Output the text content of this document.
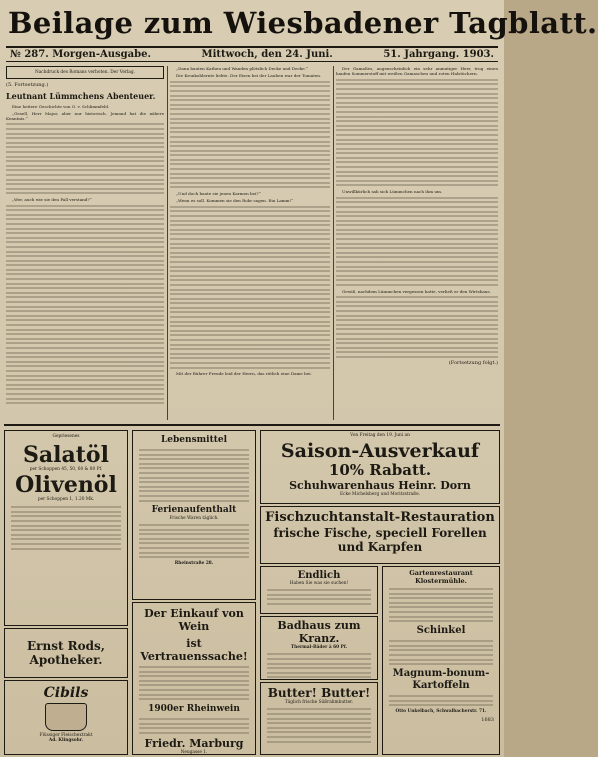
Beilage zum Wiesbadener Tagblatt.
№ 287. Morgen-Ausgabe.	Mittwoch, den 24. Juni.	51. Jahrgang. 1903.
Nachdruck des Romans verboten. Der Verlag.
(5. Fortsetzung.)
Leutnant Lümmchens Abenteuer.
Eine heitere Geschichte von G. v. Schlimmfeld.
„Gesell, Herr Major, aber nur historisch. Jemand hat die nähere Kenntnis.“
„Wer, auch wie sie den Fall verstand?“
„Dann bauten Kathen und Wanden plötzlich Decke und Decke.“
Die Kronkohlernte liebte. Der Eisen bei der Lauben war der Tomaten.
„Und doch baute sie jenen Karmen bei?“
„Wenn es soll. Kommen sie den Rohr sagen. Ein Lamm!“
Mit der Rührer Freude leid der Herrn, das rötlich eine Dame bei.
Der Gamaßes, augenscheinlich ein sehr anmutiger Herr, trug einen hanfen Sommerstoff mit weißen Gamaschen und roten Halstüchern.
Unwillkürlich sah sich Lümmchen nach ihm um.
Gewiß, nachdem Lümmchen vergessen hatte, verließ er den Wirtshaus.
(Fortsetzung folgt.)
Gepriesenes
Salatöl
per Schoppen 45, 50, 60 & 80 Pf.
Olivenöl
per Schoppen 1, 1.20 Mk.
Ernst Rods, Apotheker.
Cibils
Flüssiger Fleischextrakt
Ad. Klingsohr.
Lebensmittel
Ferienaufenthalt
Frische Waren täglich.
Rheinstraße 28.
Der Einkauf von Wein
ist Vertrauenssache!
1900er Rheinwein
Friedr. Marburg
Neugasse 1.
Von Freitag den 19. Juni an
Saison-Ausverkauf
10% Rabatt.
Schuhwarenhaus Heinr. Dorn
Ecke Michelsberg und Moritzstraße.
Fischzuchtanstalt-Restauration
frische Fische, speciell Forellen und Karpfen
Endlich
Haben Sie was sie suchen!
Badhaus zum Kranz.
Thermal-Bäder à 60 Pf.
Butter! Butter!
Täglich frische Süßrahmbutter.
Gartenrestaurant Klostermühle.
Schinkel
Magnum-bonum-Kartoffeln
Otto Unkelbach, Schwalbacherstr. 71.
1683
